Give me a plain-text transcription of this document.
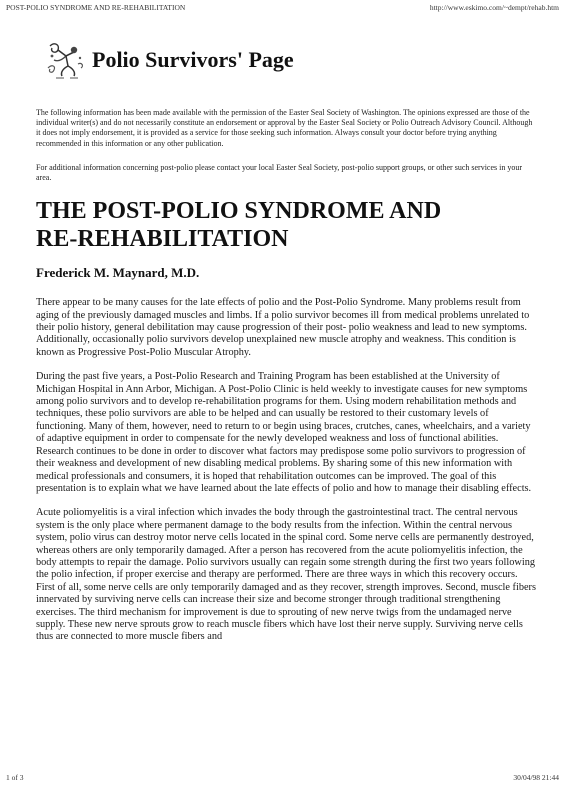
POST-POLIO SYNDROME AND RE-REHABILITATION	http://www.eskimo.com/~dempt/rehab.htm
Polio Survivors' Page

The following information has been made available with the permission of the Easter Seal Society of Washington. The opinions expressed are those of the individual writer(s) and do not necessarily constitute an endorsement or approval by the Easter Seal Society or Polio Outreach Advisory Council. Although it does not imply endorsement, it is provided as a service for those seeking such information. Always consult your doctor before trying anything recommended in this information or any other publication.

For additional information concerning post-polio please contact your local Easter Seal Society, post-polio support groups, or other such services in your area.

THE POST-POLIO SYNDROME AND
RE-REHABILITATION
Frederick M. Maynard, M.D.

There appear to be many causes for the late effects of polio and the Post-Polio Syndrome. Many problems result from aging of the previously damaged muscles and limbs. If a polio survivor becomes ill from medical problems unrelated to their polio history, general debilitation may cause progression of their post- polio weakness and lead to new symptoms. Additionally, occasionally polio survivors develop unexplained new muscle atrophy and weakness. This condition is known as Progressive Post-Polio Muscular Atrophy.

During the past five years, a Post-Polio Research and Training Program has been established at the University of Michigan Hospital in Ann Arbor, Michigan. A Post-Polio Clinic is held weekly to investigate causes for new symptoms among polio survivors and to develop re-rehabilitation programs for them. Using modern rehabilitation methods and techniques, these polio survivors are able to be helped and can usually be restored to their customary levels of functioning. Many of them, however, need to return to or begin using braces, crutches, canes, wheelchairs, and a variety of adaptive equipment in order to compensate for the newly developed weakness and loss of functional abilities. Research continues to be done in order to discover what factors may predispose some polio survivors to progression of their weakness and development of new disabling medical problems. By sharing some of this new information with medical professionals and consumers, it is hoped that rehabilitation outcomes can be improved. The goal of this presentation is to explain what we have learned about the late effects of polio and how to manage their disabling effects.

Acute poliomyelitis is a viral infection which invades the body through the gastrointestinal tract. The central nervous system is the only place where permanent damage to the body results from the infection. Within the central nervous system, polio virus can destroy motor nerve cells located in the spinal cord. Some nerve cells are permanently destroyed, whereas others are only temporarily damaged. After a person has recovered from the acute poliomyelitis infection, the body attempts to repair the damage. Polio survivors usually can regain some strength during the first two years following the polio infection, if proper exercise and therapy are performed. There are three ways in which this recovery occurs. First of all, some nerve cells are only temporarily damaged and as they recover, strength improves. Second, muscle fibers innervated by surviving nerve cells can increase their size and become stronger through traditional strengthening exercises. The third mechanism for improvement is due to sprouting of new nerve twigs from the undamaged nerve supply. These new nerve sprouts grow to reach muscle fibers which have lost their nerve supply. Surviving nerve cells thus are connected to more muscle fibers and

1 of 3	30/04/98 21:44
